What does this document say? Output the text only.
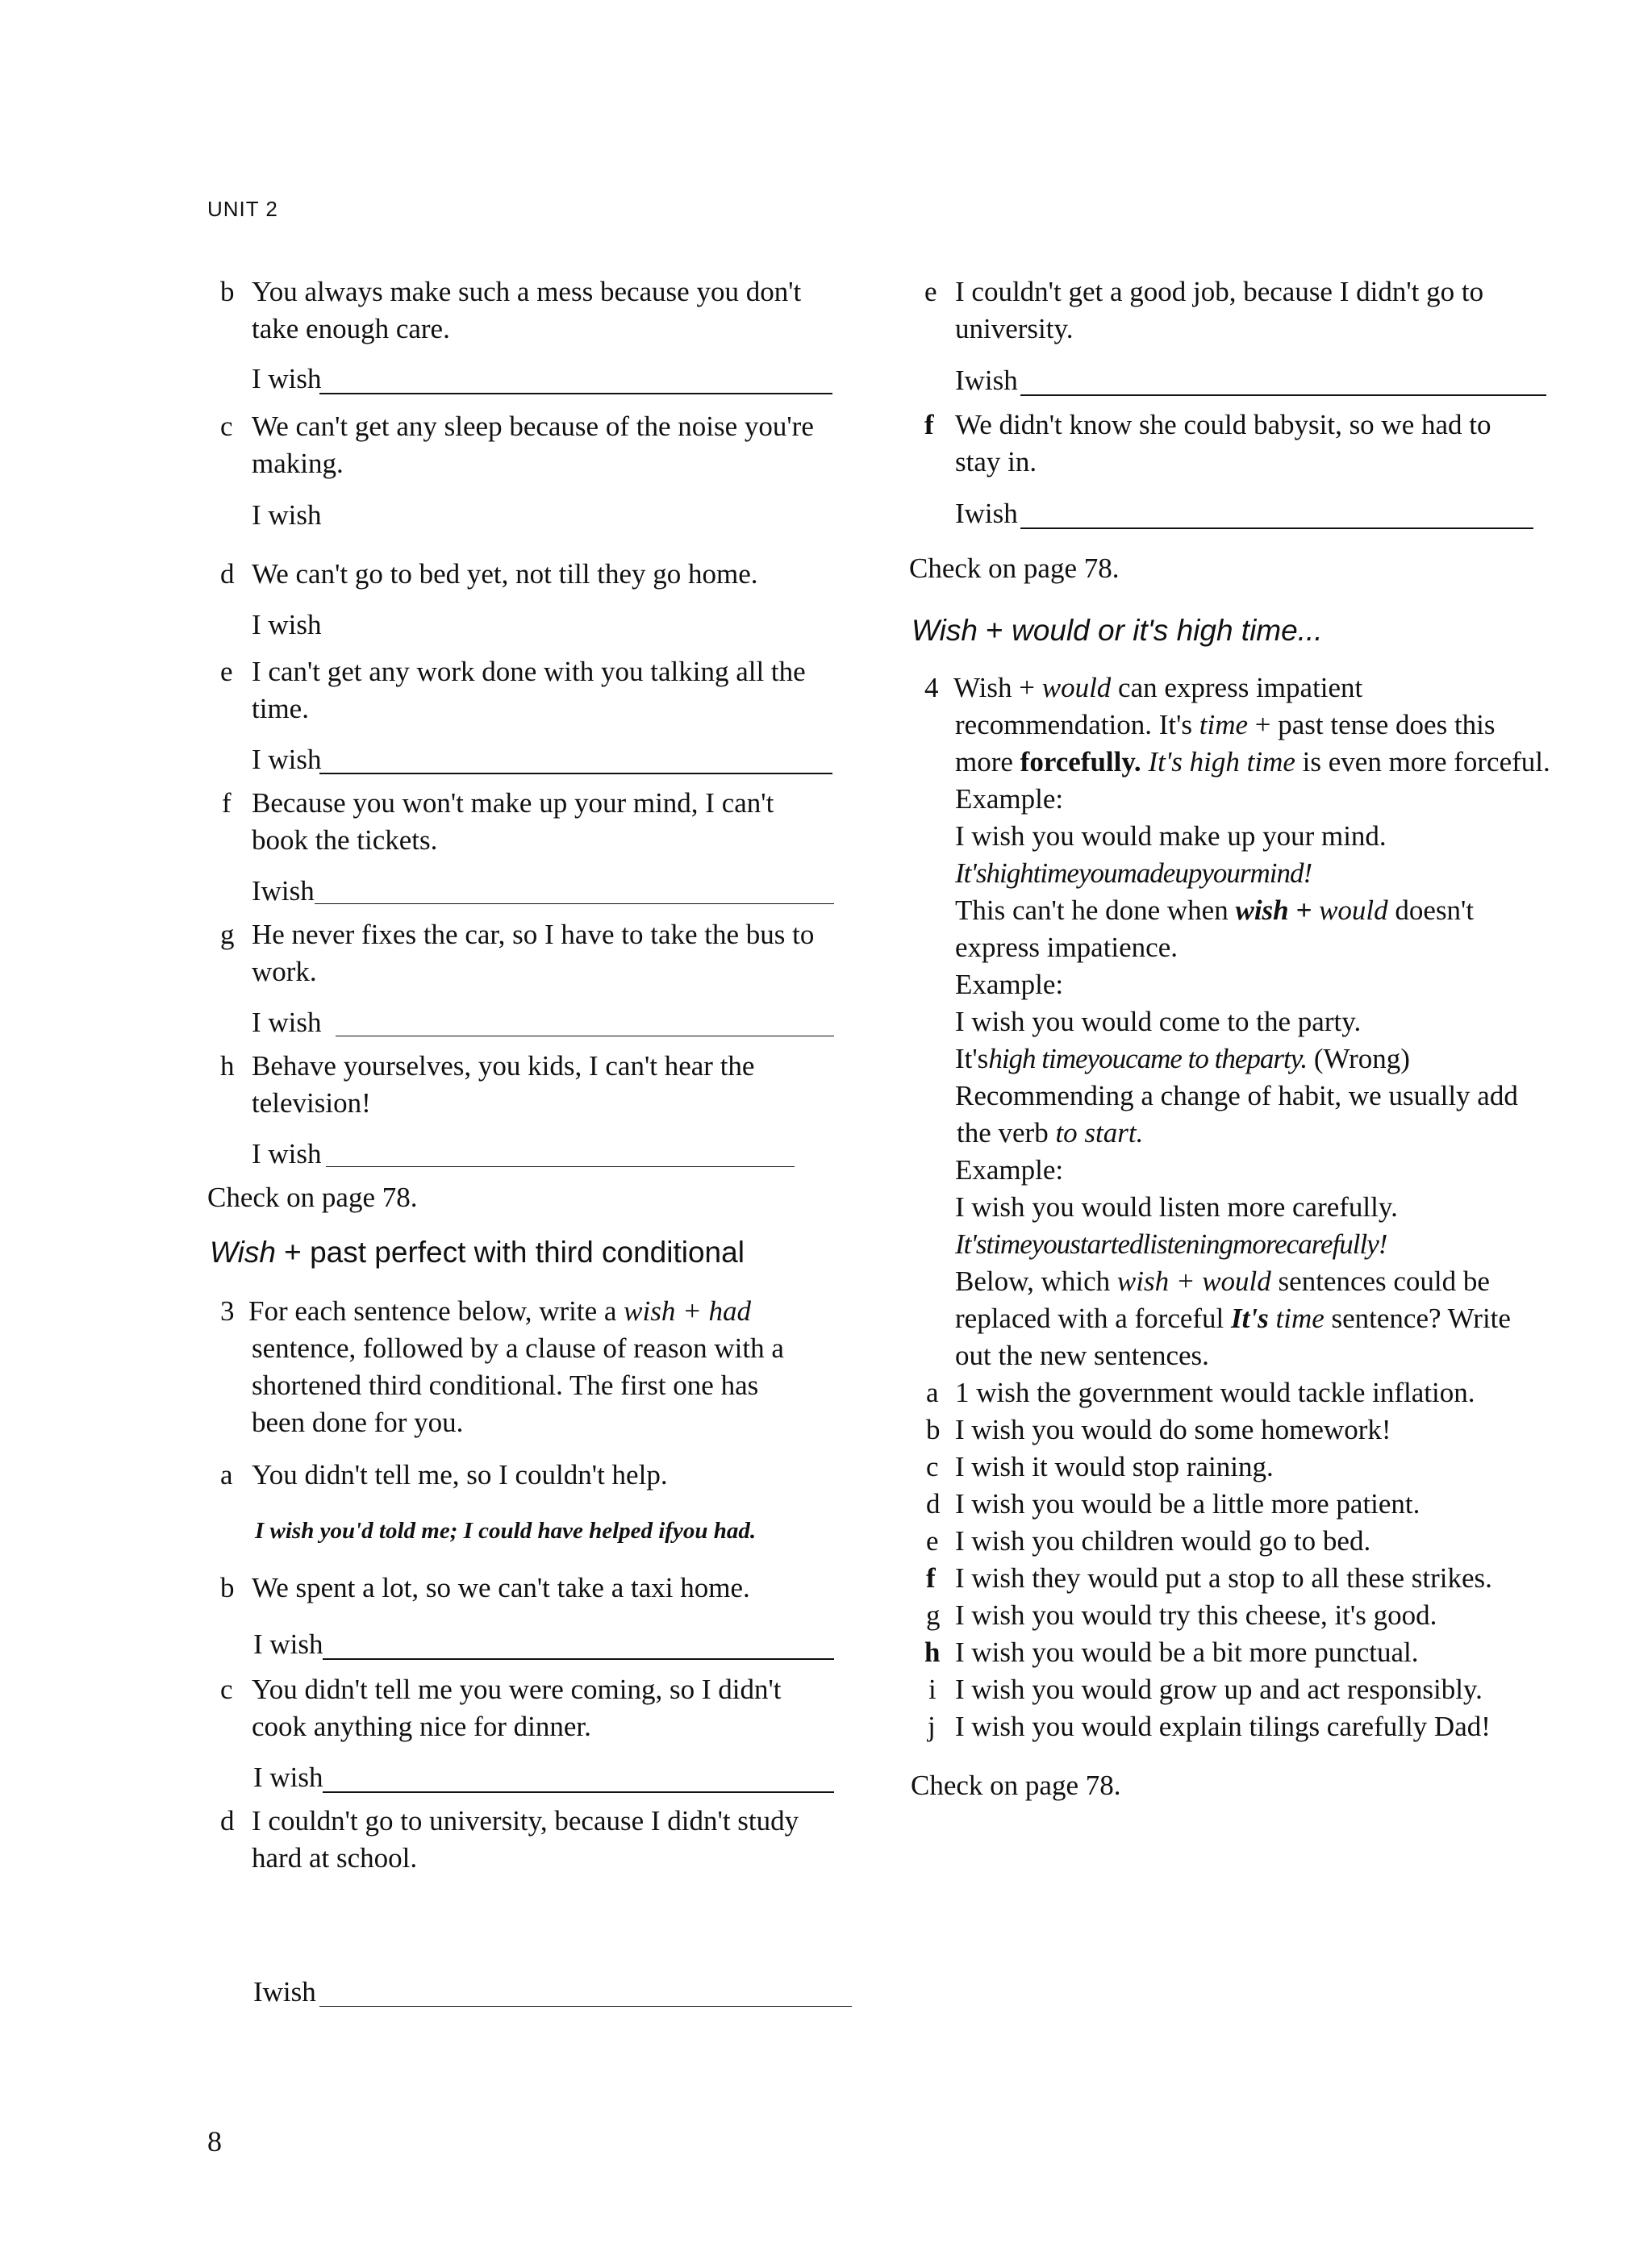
UNIT 2
b You always make such a mess because you don't
take enough care.
I wish
c We can't get any sleep because of the noise you're
making.
I wish
d We can't go to bed yet, not till they go home.
I wish
e I can't get any work done with you talking all the
time.
I wish
f Because you won't make up your mind, I can't
book the tickets.
Iwish
g He never fixes the car, so I have to take the bus to
work.
I wish
h Behave yourselves, you kids, I can't hear the
television!
I wish
Check on page 78.
Wish + past perfect with third conditional
3 For each sentence below, write a wish + had
sentence, followed by a clause of reason with a
shortened third conditional. The first one has
been done for you.
a You didn't tell me, so I couldn't help.
I wish you'd told me; I could have helped ifyou had.
b We spent a lot, so we can't take a taxi home.
I wish
c You didn't tell me you were coming, so I didn't
cook anything nice for dinner.
I wish
d I couldn't go to university, because I didn't study
hard at school.
Iwish
e I couldn't get a good job, because I didn't go to
university.
Iwish
f We didn't know she could babysit, so we had to
stay in.
Iwish
Check on page 78.
Wish + would or it's high time...
4 Wish + would can express impatient
recommendation. It's time + past tense does this
more forcefully. It's high time is even more forceful.
Example:
I wish you would make up your mind.
It'shightimeyoumadeupyourmind!
This can't he done when wish + would doesn't
express impatience.
Example:
I wish you would come to the party.
It'shigh timeyoucame to theparty. (Wrong)
Recommending a change of habit, we usually add
the verb to start.
Example:
I wish you would listen more carefully.
It'stimeyoustartedlisteningmorecarefully!
Below, which wish + would sentences could be
replaced with a forceful It's time sentence? Write
out the new sentences.
a 1 wish the government would tackle inflation.
b I wish you would do some homework!
c I wish it would stop raining.
d I wish you would be a little more patient.
e I wish you children would go to bed.
f I wish they would put a stop to all these strikes.
g I wish you would try this cheese, it's good.
h I wish you would be a bit more punctual.
i I wish you would grow up and act responsibly.
j I wish you would explain tilings carefully Dad!
Check on page 78.
8
